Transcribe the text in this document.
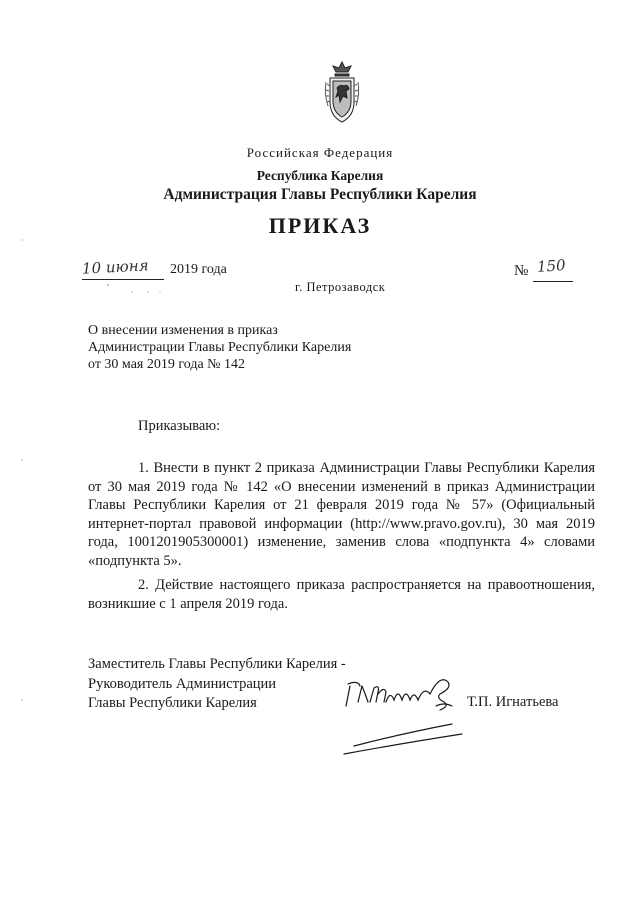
Российская Федерация
Республика Карелия
Администрация Главы Республики Карелия
ПРИКАЗ
10 июня 2019 года	№ 150
г. Петрозаводск
О внесении изменения в приказ
Администрации Главы Республики Карелия
от 30 мая 2019 года № 142
Приказываю:
1. Внести в пункт 2 приказа Администрации Главы Республики Карелия от 30 мая 2019 года № 142 «О внесении изменений в приказ Администрации Главы Республики Карелия от 21 февраля 2019 года № 57» (Официальный интернет-портал правовой информации (http://www.pravo.gov.ru), 30 мая 2019 года, 1001201905300001) изменение, заменив слова «подпункта 4» словами «подпункта 5».
2. Действие настоящего приказа распространяется на правоотношения, возникшие с 1 апреля 2019 года.
Заместитель Главы Республики Карелия -
Руководитель Администрации
Главы Республики Карелия	Т.П. Игнатьева
